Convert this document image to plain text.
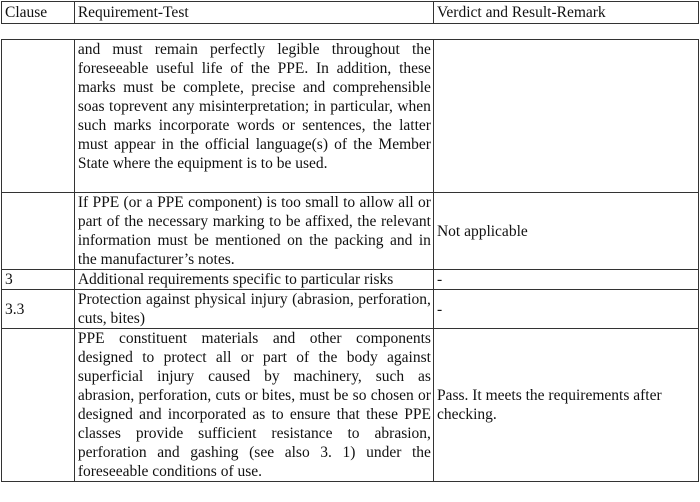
Clause	Requirement-Test	Verdict and Result-Remark
	and must remain perfectly legible throughout the foreseeable useful life of the PPE. In addition, these marks must be complete, precise and comprehensible soas toprevent any misinterpretation; in particular, when such marks incorporate words or sentences, the latter must appear in the official language(s) of the Member State where the equipment is to be used.	
	If PPE (or a PPE component) is too small to allow all or part of the necessary marking to be affixed, the relevant information must be mentioned on the packing and in the manufacturer’s notes.	Not applicable
3	Additional requirements specific to particular risks	-
3.3	Protection against physical injury (abrasion, perforation, cuts, bites)	-
	PPE constituent materials and other components designed to protect all or part of the body against superficial injury caused by machinery, such as abrasion, perforation, cuts or bites, must be so chosen or designed and incorporated as to ensure that these PPE classes provide sufficient resistance to abrasion, perforation and gashing (see also 3. 1) under the foreseeable conditions of use.	Pass. It meets the requirements after checking.
